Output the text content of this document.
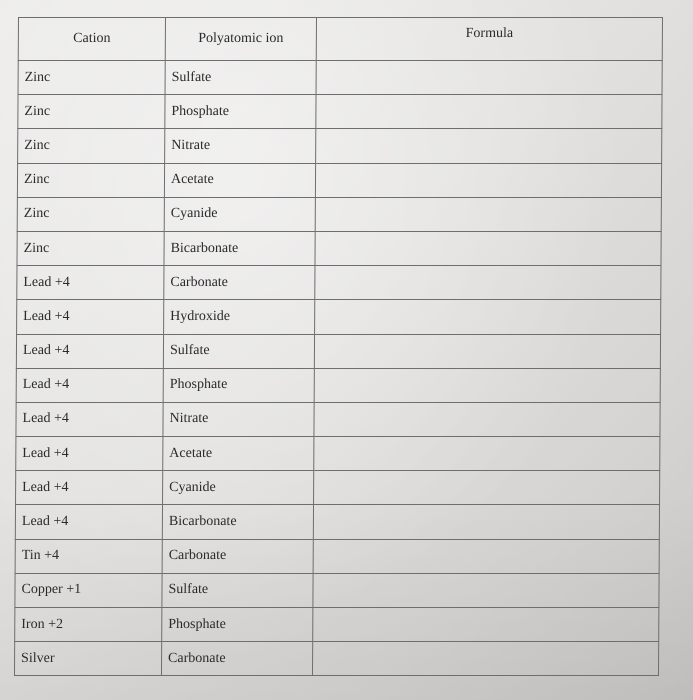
Cation	Polyatomic ion	Formula
Zinc	Sulfate	
Zinc	Phosphate	
Zinc	Nitrate	
Zinc	Acetate	
Zinc	Cyanide	
Zinc	Bicarbonate	
Lead +4	Carbonate	
Lead +4	Hydroxide	
Lead +4	Sulfate	
Lead +4	Phosphate	
Lead +4	Nitrate	
Lead +4	Acetate	
Lead +4	Cyanide	
Lead +4	Bicarbonate	
Tin +4	Carbonate	
Copper +1	Sulfate	
Iron +2	Phosphate	
Silver	Carbonate	
